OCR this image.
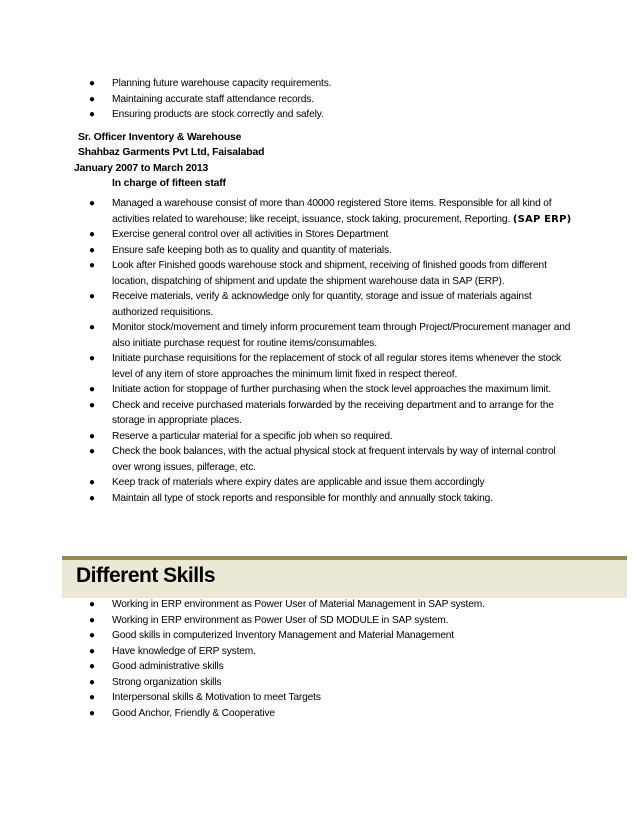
● Planning future warehouse capacity requirements.
● Maintaining accurate staff attendance records.
● Ensuring products are stock correctly and safely.
Sr. Officer Inventory & Warehouse
Shahbaz Garments Pvt Ltd, Faisalabad
January 2007 to March 2013
In charge of fifteen staff
● Managed a warehouse consist of more than 40000 registered Store items. Responsible for all kind of activities related to warehouse; like receipt, issuance, stock taking, procurement, Reporting. (SAP ERP)
● Exercise general control over all activities in Stores Department
● Ensure safe keeping both as to quality and quantity of materials.
● Look after Finished goods warehouse stock and shipment, receiving of finished goods from different location, dispatching of shipment and update the shipment warehouse data in SAP (ERP).
● Receive materials, verify & acknowledge only for quantity, storage and issue of materials against authorized requisitions.
● Monitor stock/movement and timely inform procurement team through Project/Procurement manager and also initiate purchase request for routine items/consumables.
● Initiate purchase requisitions for the replacement of stock of all regular stores items whenever the stock level of any item of store approaches the minimum limit fixed in respect thereof.
● Initiate action for stoppage of further purchasing when the stock level approaches the maximum limit.
● Check and receive purchased materials forwarded by the receiving department and to arrange for the storage in appropriate places.
● Reserve a particular material for a specific job when so required.
● Check the book balances, with the actual physical stock at frequent intervals by way of internal control over wrong issues, pilferage, etc.
● Keep track of materials where expiry dates are applicable and issue them accordingly
● Maintain all type of stock reports and responsible for monthly and annually stock taking.
Different Skills
● Working in ERP environment as Power User of Material Management in SAP system.
● Working in ERP environment as Power User of SD MODULE in SAP system.
● Good skills in computerized Inventory Management and Material Management
● Have knowledge of ERP system.
● Good administrative skills
● Strong organization skills
● Interpersonal skills & Motivation to meet Targets
● Good Anchor, Friendly & Cooperative
